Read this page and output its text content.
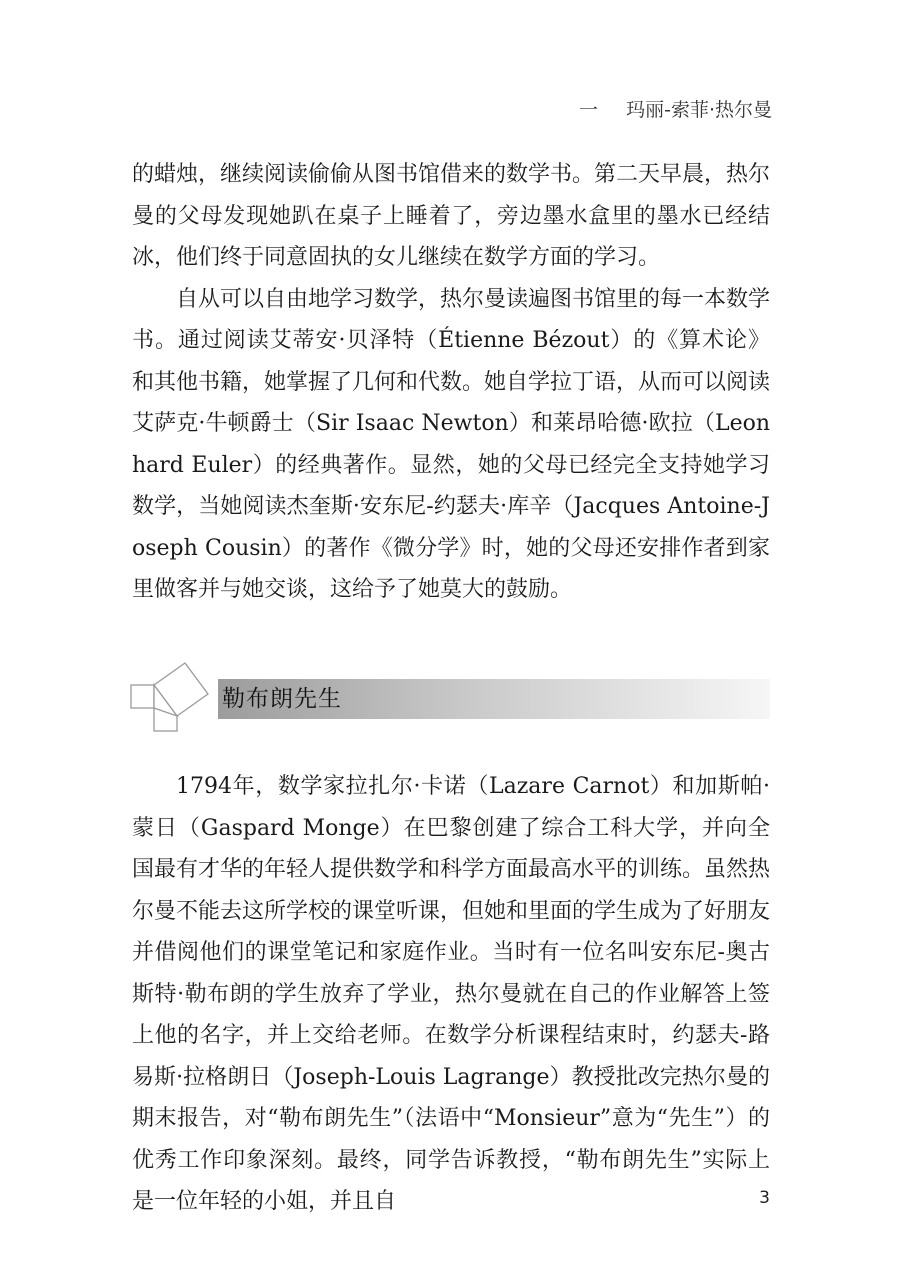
一 玛丽-索菲·热尔曼

的蜡烛，继续阅读偷偷从图书馆借来的数学书。第二天早晨，热尔曼的父母发现她趴在桌子上睡着了，旁边墨水盒里的墨水已经结冰，他们终于同意固执的女儿继续在数学方面的学习。

自从可以自由地学习数学，热尔曼读遍图书馆里的每一本数学书。通过阅读艾蒂安·贝泽特（Étienne Bézout）的《算术论》和其他书籍，她掌握了几何和代数。她自学拉丁语，从而可以阅读艾萨克·牛顿爵士（Sir Isaac Newton）和莱昂哈德·欧拉（Leonhard Euler）的经典著作。显然，她的父母已经完全支持她学习数学，当她阅读杰奎斯·安东尼-约瑟夫·库辛（Jacques Antoine-Joseph Cousin）的著作《微分学》时，她的父母还安排作者到家里做客并与她交谈，这给予了她莫大的鼓励。

勒布朗先生

1794年，数学家拉扎尔·卡诺（Lazare Carnot）和加斯帕·蒙日（Gaspard Monge）在巴黎创建了综合工科大学，并向全国最有才华的年轻人提供数学和科学方面最高水平的训练。虽然热尔曼不能去这所学校的课堂听课，但她和里面的学生成为了好朋友并借阅他们的课堂笔记和家庭作业。当时有一位名叫安东尼-奥古斯特·勒布朗的学生放弃了学业，热尔曼就在自己的作业解答上签上他的名字，并上交给老师。在数学分析课程结束时，约瑟夫-路易斯·拉格朗日（Joseph-Louis Lagrange）教授批改完热尔曼的期末报告，对“勒布朗先生”（法语中“Monsieur”意为“先生”）的优秀工作印象深刻。最终，同学告诉教授，“勒布朗先生”实际上是一位年轻的小姐，并且自	3
